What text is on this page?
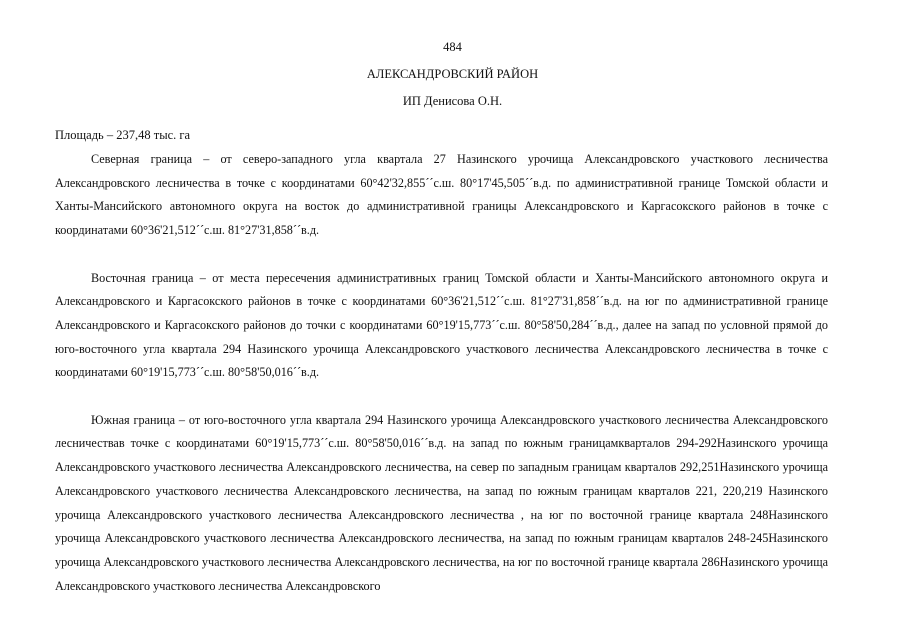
484
АЛЕКСАНДРОВСКИЙ РАЙОН
ИП Денисова О.Н.
Площадь – 237,48 тыс. га

Северная граница – от северо-западного угла квартала 27 Назинского урочища Александровского участкового лесничества Александровского лесничества в точке с координатами 60°42'32,855´´с.ш. 80°17'45,505´´в.д. по административной границе Томской области и Ханты-Мансийского автономного округа на восток до административной границы Александровского и Каргасокского районов в точке с координатами 60°36'21,512´´с.ш. 81°27'31,858´´в.д.

Восточная граница – от места пересечения административных границ Томской области и Ханты-Мансийского автономного округа и Александровского и Каргасокского районов в точке с координатами 60°36'21,512´´с.ш. 81°27'31,858´´в.д. на юг по административной границе Александровского и Каргасокского районов до точки с координатами 60°19'15,773´´с.ш. 80°58'50,284´´в.д., далее на запад по условной прямой до юго-восточного угла квартала 294 Назинского урочища Александровского участкового лесничества Александровского лесничества в точке с координатами 60°19'15,773´´с.ш. 80°58'50,016´´в.д.

Южная граница – от юго-восточного угла квартала 294 Назинского урочища Александровского участкового лесничества Александровского лесничествав точке с координатами 60°19'15,773´´с.ш. 80°58'50,016´´в.д. на запад по южным границамкварталов 294-292Назинского урочища Александровского участкового лесничества Александровского лесничества, на север по западным границам кварталов 292,251Назинского урочища Александровского участкового лесничества Александровского лесничества, на запад по южным границам кварталов 221, 220,219 Назинского урочища Александровского участкового лесничества Александровского лесничества , на юг по восточной границе квартала 248Назинского урочища Александровского участкового лесничества Александровского лесничества, на запад по южным границам кварталов 248-245Назинского урочища Александровского участкового лесничества Александровского лесничества, на юг по восточной границе квартала 286Назинского урочища Александровского участкового лесничества Александровского
